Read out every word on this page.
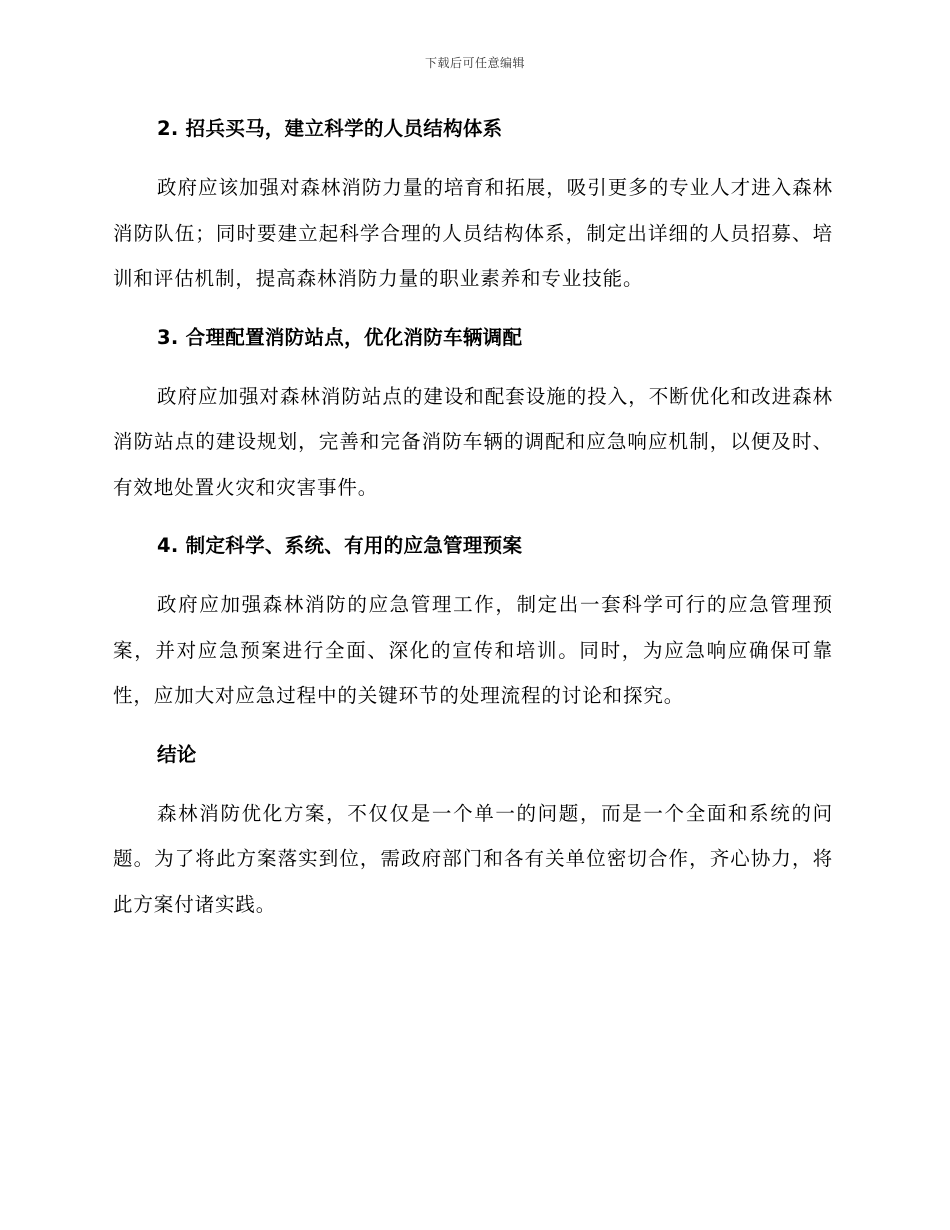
下载后可任意编辑
2. 招兵买马，建立科学的人员结构体系

政府应该加强对森林消防力量的培育和拓展，吸引更多的专业人才进入森林消防队伍；同时要建立起科学合理的人员结构体系，制定出详细的人员招募、培训和评估机制，提高森林消防力量的职业素养和专业技能。

3. 合理配置消防站点，优化消防车辆调配

政府应加强对森林消防站点的建设和配套设施的投入，不断优化和改进森林消防站点的建设规划，完善和完备消防车辆的调配和应急响应机制，以便及时、有效地处置火灾和灾害事件。

4. 制定科学、系统、有用的应急管理预案

政府应加强森林消防的应急管理工作，制定出一套科学可行的应急管理预案，并对应急预案进行全面、深化的宣传和培训。同时，为应急响应确保可靠性，应加大对应急过程中的关键环节的处理流程的讨论和探究。

结论

森林消防优化方案，不仅仅是一个单一的问题，而是一个全面和系统的问题。为了将此方案落实到位，需政府部门和各有关单位密切合作，齐心协力，将此方案付诸实践。
